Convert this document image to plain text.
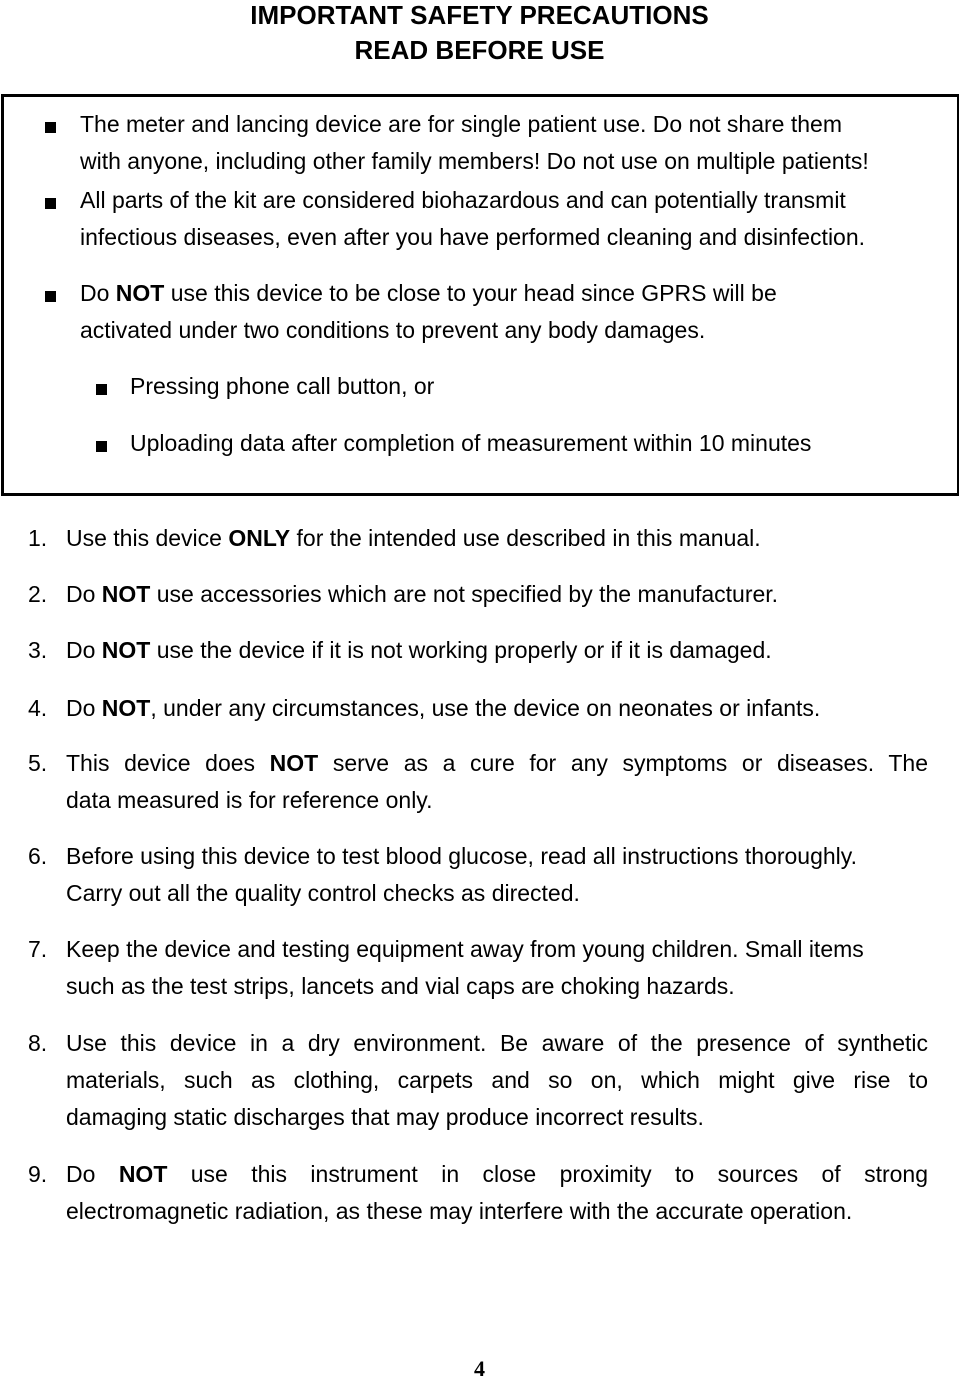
IMPORTANT SAFETY PRECAUTIONS
READ BEFORE USE
The meter and lancing device are for single patient use. Do not share them
with anyone, including other family members! Do not use on multiple patients!
All parts of the kit are considered biohazardous and can potentially transmit
infectious diseases, even after you have performed cleaning and disinfection.
Do NOT use this device to be close to your head since GPRS will be
activated under two conditions to prevent any body damages.
Pressing phone call button, or
Uploading data after completion of measurement within 10 minutes
1. Use this device ONLY for the intended use described in this manual.
2. Do NOT use accessories which are not specified by the manufacturer.
3. Do NOT use the device if it is not working properly or if it is damaged.
4. Do NOT, under any circumstances, use the device on neonates or infants.
5. This device does NOT serve as a cure for any symptoms or diseases. The
data measured is for reference only.
6. Before using this device to test blood glucose, read all instructions thoroughly.
Carry out all the quality control checks as directed.
7. Keep the device and testing equipment away from young children. Small items
such as the test strips, lancets and vial caps are choking hazards.
8. Use this device in a dry environment. Be aware of the presence of synthetic
materials, such as clothing, carpets and so on, which might give rise to
damaging static discharges that may produce incorrect results.
9. Do NOT use this instrument in close proximity to sources of strong
electromagnetic radiation, as these may interfere with the accurate operation.
4
